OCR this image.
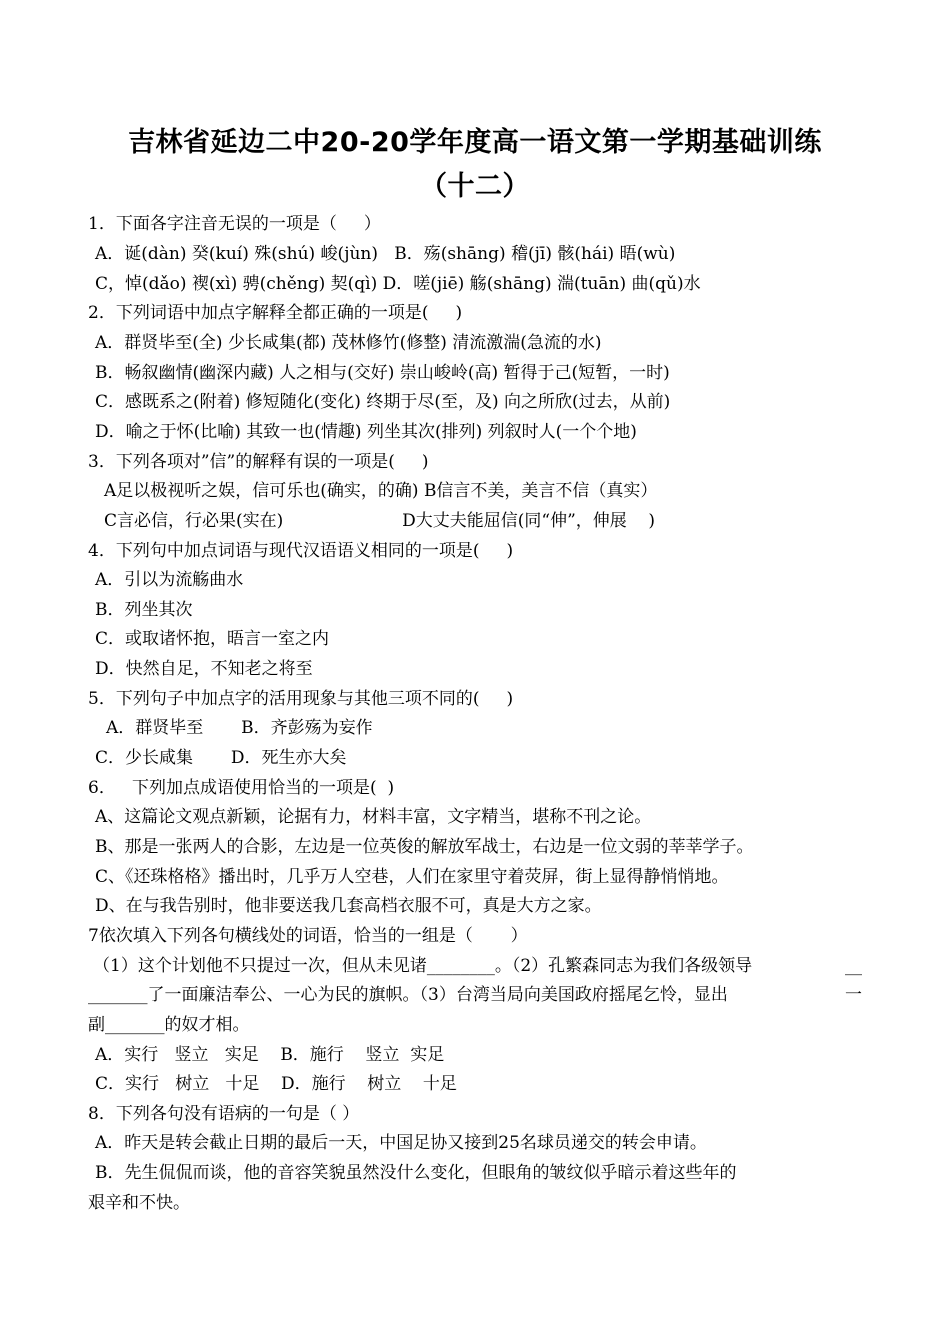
吉林省延边二中20-20学年度高一语文第一学期基础训练
（十二）
1．下面各字注音无误的一项是（     ）
A．诞(dàn) 癸(kuí) 殊(shú) 峻(jùn)   B．殇(shāng) 稽(jī) 骸(hái) 晤(wù)
C，悼(dǎo) 褉(xì) 骋(chěng) 契(qì) D．嗟(jiē) 觞(shāng) 湍(tuān) 曲(qǔ)水
2．下列词语中加点字解释全都正确的一项是(     )
A．群贤毕至(全) 少长咸集(都) 茂林修竹(修整) 清流激湍(急流的水)
B．畅叙幽情(幽深内藏) 人之相与(交好) 崇山峻岭(高) 暂得于己(短暂，一时)
C．感既系之(附着) 修短随化(变化) 终期于尽(至，及) 向之所欣(过去，从前)
D．喻之于怀(比喻) 其致一也(情趣) 列坐其次(排列) 列叙时人(一个个地)
3．下列各项对”信”的解释有误的一项是(     )
A足以极视听之娱，信可乐也(确实，的确) B信言不美，美言不信（真实）
C言必信，行必果(实在)                      D大丈夫能屈信(同“伸”，伸展    )
4．下列句中加点词语与现代汉语语义相同的一项是(     )
A．引以为流觞曲水
B．列坐其次
C．或取诸怀抱，晤言一室之内
D．快然自足，不知老之将至
5．下列句子中加点字的活用现象与其他三项不同的(     )
A．群贤毕至       B．齐彭殇为妄作
C．少长咸集       D．死生亦大矣
6．   下列加点成语使用恰当的一项是(  )
A、这篇论文观点新颖，论据有力，材料丰富，文字精当，堪称不刊之论。
B、那是一张两人的合影，左边是一位英俊的解放军战士，右边是一位文弱的莘莘学子。
C、《还珠格格》播出时，几乎万人空巷，人们在家里守着荧屏，街上显得静悄悄地。
D、在与我告别时，他非要送我几套高档衣服不可，真是大方之家。
7依次填入下列各句横线处的词语，恰当的一组是（       ）
（1）这个计划他不只提过一次，但从未见诸________。（2）孔繁森同志为我们各级领导	__
_______了一面廉洁奉公、一心为民的旗帜。（3）台湾当局向美国政府摇尾乞怜，显出	一
副_______的奴才相。
A．实行   竖立   实足    B．施行    竖立  实足
C．实行   树立   十足    D．施行    树立    十足
8．下列各句没有语病的一句是（ ）
A．昨天是转会截止日期的最后一天，中国足协又接到25名球员递交的转会申请。
B．先生侃侃而谈，他的音容笑貌虽然没什么变化，但眼角的皱纹似乎暗示着这些年的
艰辛和不快。
